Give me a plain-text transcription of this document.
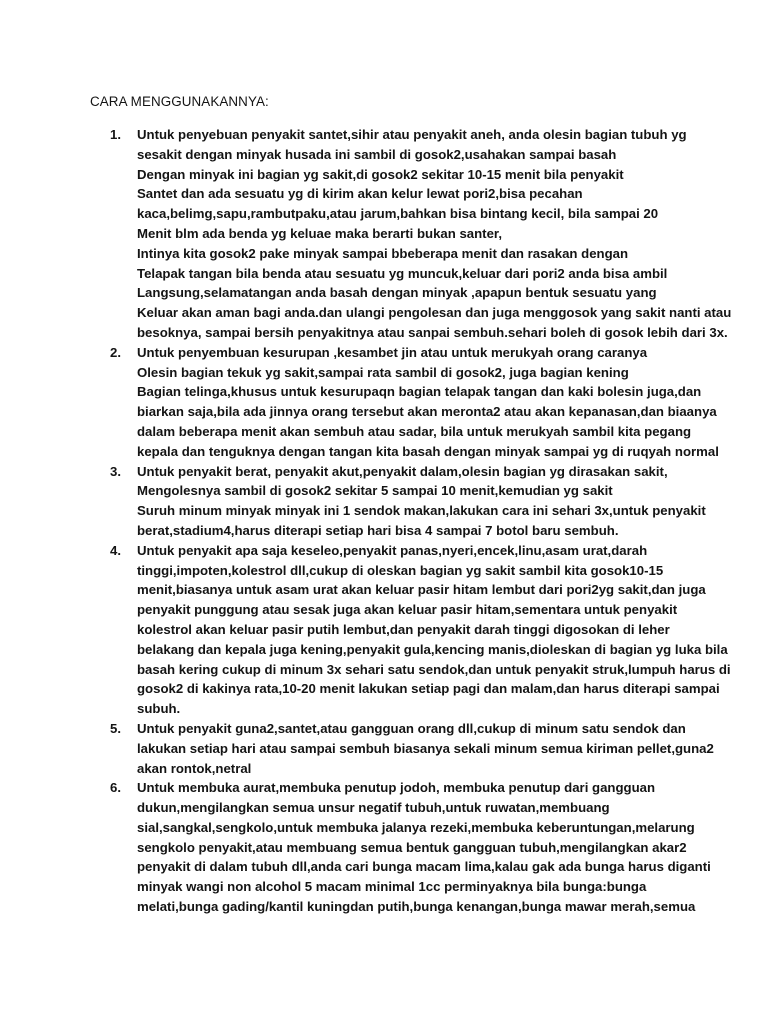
CARA MENGGUNAKANNYA:
1. Untuk penyebuan penyakit santet,sihir atau penyakit aneh, anda olesin bagian tubuh yg
sesakit dengan minyak husada ini sambil di gosok2,usahakan sampai basah
Dengan minyak ini bagian yg sakit,di gosok2 sekitar 10-15 menit bila penyakit
Santet dan ada sesuatu yg di kirim akan kelur lewat pori2,bisa pecahan
kaca,belimg,sapu,rambutpaku,atau jarum,bahkan bisa bintang kecil, bila sampai 20
Menit blm ada benda yg keluae maka berarti bukan santer,
Intinya kita gosok2 pake minyak sampai bbeberapa menit dan rasakan dengan
Telapak tangan bila benda atau sesuatu yg muncuk,keluar dari pori2 anda bisa ambil
Langsung,selamatangan anda basah dengan minyak ,apapun bentuk sesuatu yang
Keluar akan aman bagi anda.dan ulangi pengolesan dan juga menggosok yang sakit nanti atau
besoknya, sampai bersih penyakitnya atau sanpai sembuh.sehari boleh di gosok lebih dari 3x.
2. Untuk penyembuan kesurupan ,kesambet jin atau untuk merukyah orang caranya
Olesin bagian tekuk yg sakit,sampai rata sambil di gosok2, juga bagian kening
Bagian telinga,khusus untuk kesurupaqn bagian telapak tangan dan kaki bolesin juga,dan
biarkan saja,bila ada jinnya orang tersebut akan meronta2 atau akan kepanasan,dan biaanya
dalam beberapa menit akan sembuh atau sadar, bila untuk merukyah sambil kita pegang
kepala dan tenguknya dengan tangan kita basah dengan minyak sampai yg di ruqyah normal
3. Untuk penyakit berat, penyakit akut,penyakit dalam,olesin bagian yg dirasakan sakit,
Mengolesnya sambil di gosok2 sekitar 5 sampai 10 menit,kemudian yg sakit
Suruh minum minyak minyak ini 1 sendok makan,lakukan cara ini sehari 3x,untuk penyakit
berat,stadium4,harus diterapi setiap hari bisa 4 sampai 7 botol baru sembuh.
4. Untuk penyakit apa saja keseleo,penyakit panas,nyeri,encek,linu,asam urat,darah
tinggi,impoten,kolestrol dll,cukup di oleskan bagian yg sakit sambil kita gosok10-15
menit,biasanya untuk asam urat akan keluar pasir hitam lembut dari pori2yg sakit,dan juga
penyakit punggung atau sesak juga akan keluar pasir hitam,sementara untuk penyakit
kolestrol akan keluar pasir putih lembut,dan penyakit darah tinggi digosokan di leher
belakang dan kepala juga kening,penyakit gula,kencing manis,dioleskan di bagian yg luka bila
basah kering cukup di minum 3x sehari satu sendok,dan untuk penyakit struk,lumpuh harus di
gosok2 di kakinya rata,10-20 menit lakukan setiap pagi dan malam,dan harus diterapi sampai
subuh.
5. Untuk penyakit guna2,santet,atau gangguan orang dll,cukup di minum satu sendok dan
lakukan setiap hari atau sampai sembuh biasanya sekali minum semua kiriman pellet,guna2
akan rontok,netral
6. Untuk membuka aurat,membuka penutup jodoh, membuka penutup dari gangguan
dukun,mengilangkan semua unsur negatif tubuh,untuk ruwatan,membuang
sial,sangkal,sengkolo,untuk membuka jalanya rezeki,membuka keberuntungan,melarung
sengkolo penyakit,atau membuang semua bentuk gangguan tubuh,mengilangkan akar2
penyakit di dalam tubuh dll,anda cari bunga macam lima,kalau gak ada bunga harus diganti
minyak wangi non alcohol 5 macam minimal 1cc perminyaknya bila bunga:bunga
melati,bunga gading/kantil kuningdan putih,bunga kenangan,bunga mawar merah,semua
